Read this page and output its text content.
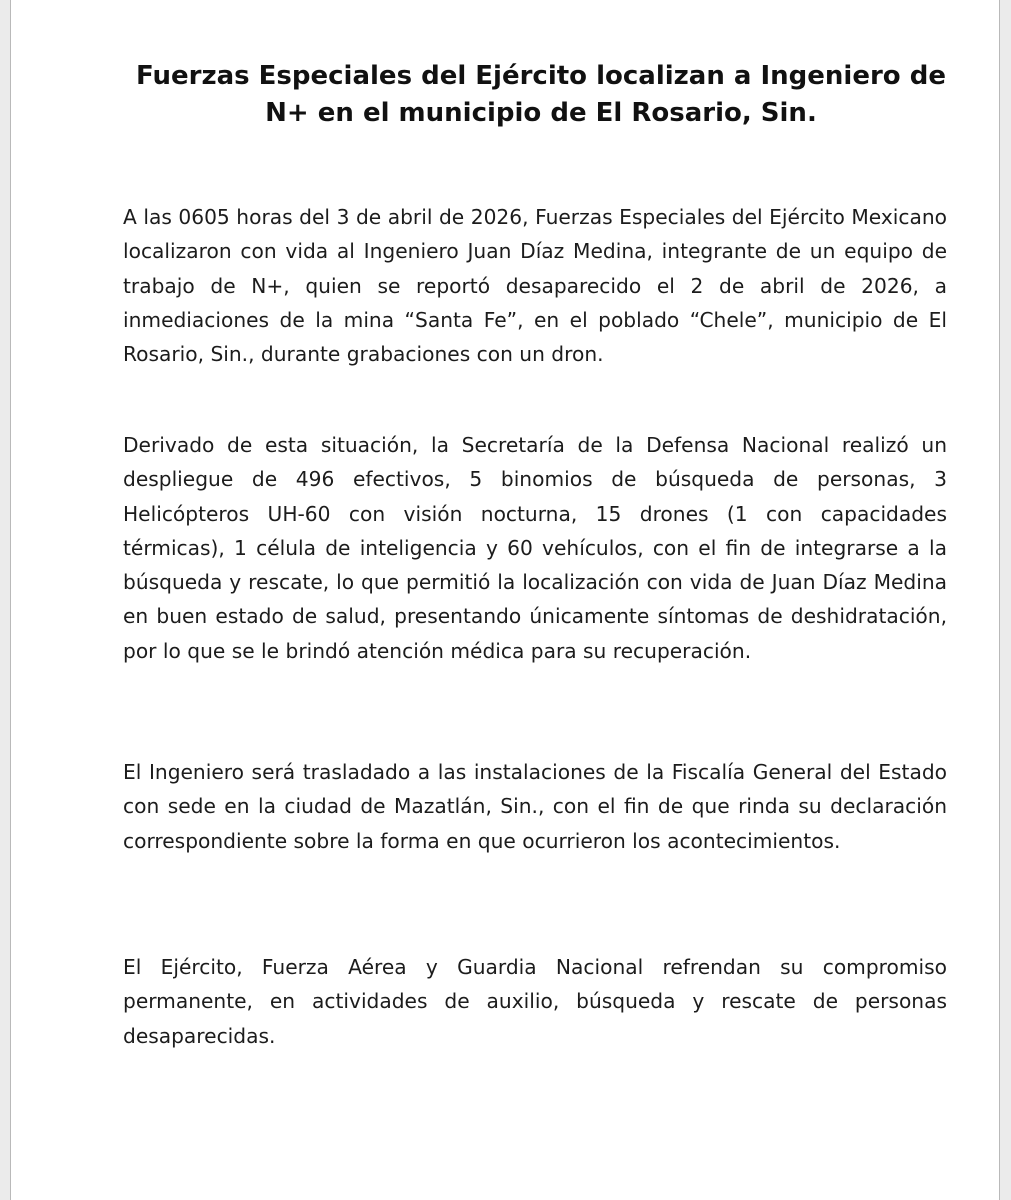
Fuerzas Especiales del Ejército localizan a Ingeniero de N+ en el municipio de El Rosario, Sin.

A las 0605 horas del 3 de abril de 2026, Fuerzas Especiales del Ejército Mexicano localizaron con vida al Ingeniero Juan Díaz Medina, integrante de un equipo de trabajo de N+, quien se reportó desaparecido el 2 de abril de 2026, a inmediaciones de la mina “Santa Fe”, en el poblado “Chele”, municipio de El Rosario, Sin., durante grabaciones con un dron.

Derivado de esta situación, la Secretaría de la Defensa Nacional realizó un despliegue de 496 efectivos, 5 binomios de búsqueda de personas, 3 Helicópteros UH-60 con visión nocturna, 15 drones (1 con capacidades térmicas), 1 célula de inteligencia y 60 vehículos, con el fin de integrarse a la búsqueda y rescate, lo que permitió la localización con vida de Juan Díaz Medina en buen estado de salud, presentando únicamente síntomas de deshidratación, por lo que se le brindó atención médica para su recuperación.

El Ingeniero será trasladado a las instalaciones de la Fiscalía General del Estado con sede en la ciudad de Mazatlán, Sin., con el fin de que rinda su declaración correspondiente sobre la forma en que ocurrieron los acontecimientos.

El Ejército, Fuerza Aérea y Guardia Nacional refrendan su compromiso permanente, en actividades de auxilio, búsqueda y rescate de personas desaparecidas.
